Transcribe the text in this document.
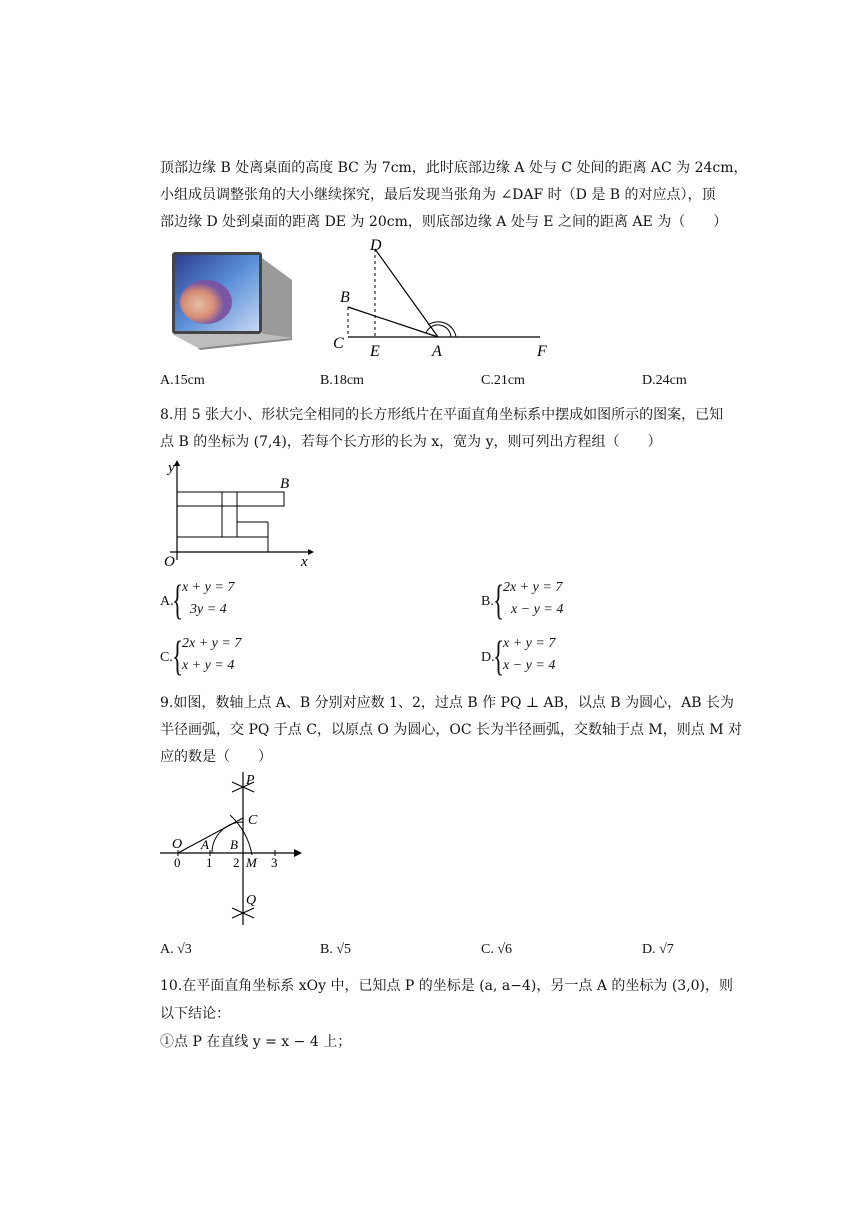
顶部边缘 B 处离桌面的高度 BC 为 7cm，此时底部边缘 A 处与 C 处间的距离 AC 为 24cm，
小组成员调整张角的大小继续探究，最后发现当张角为 ∠DAF 时（D 是 B 的对应点），顶
部边缘 D 处到桌面的距离 DE 为 20cm，则底部边缘 A 处与 E 之间的距离 AE 为（　　）
D
B
C E	A	F
A.15cm	B.18cm	C.21cm	D.24cm
8.用 5 张大小、形状完全相同的长方形纸片在平面直角坐标系中摆成如图所示的图案，已知
点 B 的坐标为 (7,4)，若每个长方形的长为 x，宽为 y，则可列出方程组（　　）
y
x
O
B
A.
{
x + y = 7
3y = 4
B. {
2x + y = 7
x − y = 4
C. {
2x + y = 7
x + y = 4
D.
{
x + y = 7
x − y = 4
9.如图，数轴上点 A、B 分别对应数 1、2，过点 B 作 PQ ⊥ AB，以点 B 为圆心，AB 长为
半径画弧，交 PQ 于点 C，以原点 O 为圆心，OC 长为半径画弧，交数轴于点 M，则点 M 对
应的数是（　　）
P
C
O A B
M
Q
0 1 2 3
A. √3	B. √5	C. √6	D. √7
10.在平面直角坐标系 xOy 中，已知点 P 的坐标是 (a, a−4)，另一点 A 的坐标为 (3,0)，则
以下结论：
①点 P 在直线 y = x − 4 上；
